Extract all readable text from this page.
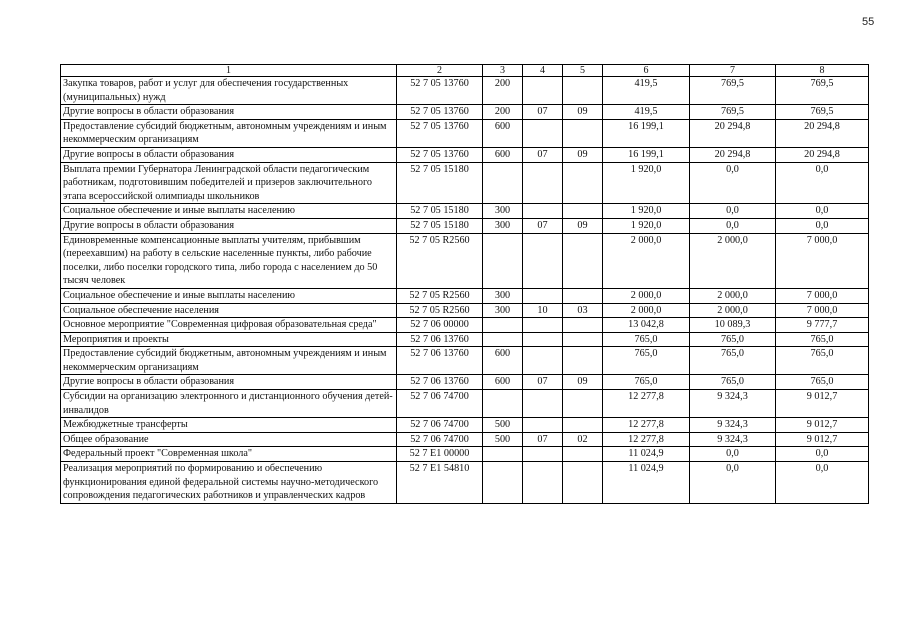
55
1	2	3	4	5	6	7	8
Закупка товаров, работ и услуг для обеспечения государственных (муниципальных) нужд	52 7 05 13760	200			419,5	769,5	769,5
Другие вопросы в области образования	52 7 05 13760	200	07	09	419,5	769,5	769,5
Предоставление субсидий бюджетным, автономным учреждениям и иным некоммерческим организациям	52 7 05 13760	600			16 199,1	20 294,8	20 294,8
Другие вопросы в области образования	52 7 05 13760	600	07	09	16 199,1	20 294,8	20 294,8
Выплата премии Губернатора Ленинградской области педагогическим работникам, подготовившим победителей и призеров заключительного этапа всероссийской олимпиады школьников	52 7 05 15180				1 920,0	0,0	0,0
Социальное обеспечение и иные выплаты населению	52 7 05 15180	300			1 920,0	0,0	0,0
Другие вопросы в области образования	52 7 05 15180	300	07	09	1 920,0	0,0	0,0
Единовременные компенсационные выплаты учителям, прибывшим (переехавшим) на работу в сельские населенные пункты, либо рабочие поселки, либо поселки городского типа, либо города с населением до 50 тысяч человек	52 7 05 R2560				2 000,0	2 000,0	7 000,0
Социальное обеспечение и иные выплаты населению	52 7 05 R2560	300			2 000,0	2 000,0	7 000,0
Социальное обеспечение населения	52 7 05 R2560	300	10	03	2 000,0	2 000,0	7 000,0
Основное мероприятие "Современная цифровая образовательная среда"	52 7 06 00000				13 042,8	10 089,3	9 777,7
Мероприятия и проекты	52 7 06 13760				765,0	765,0	765,0
Предоставление субсидий бюджетным, автономным учреждениям и иным некоммерческим организациям	52 7 06 13760	600			765,0	765,0	765,0
Другие вопросы в области образования	52 7 06 13760	600	07	09	765,0	765,0	765,0
Субсидии на организацию электронного и дистанционного обучения детей-инвалидов	52 7 06 74700				12 277,8	9 324,3	9 012,7
Межбюджетные трансферты	52 7 06 74700	500			12 277,8	9 324,3	9 012,7
Общее образование	52 7 06 74700	500	07	02	12 277,8	9 324,3	9 012,7
Федеральный проект "Современная школа"	52 7 E1 00000				11 024,9	0,0	0,0
Реализация мероприятий по формированию и обеспечению функционирования единой федеральной системы научно-методического сопровождения педагогических работников и управленческих кадров	52 7 E1 54810				11 024,9	0,0	0,0
